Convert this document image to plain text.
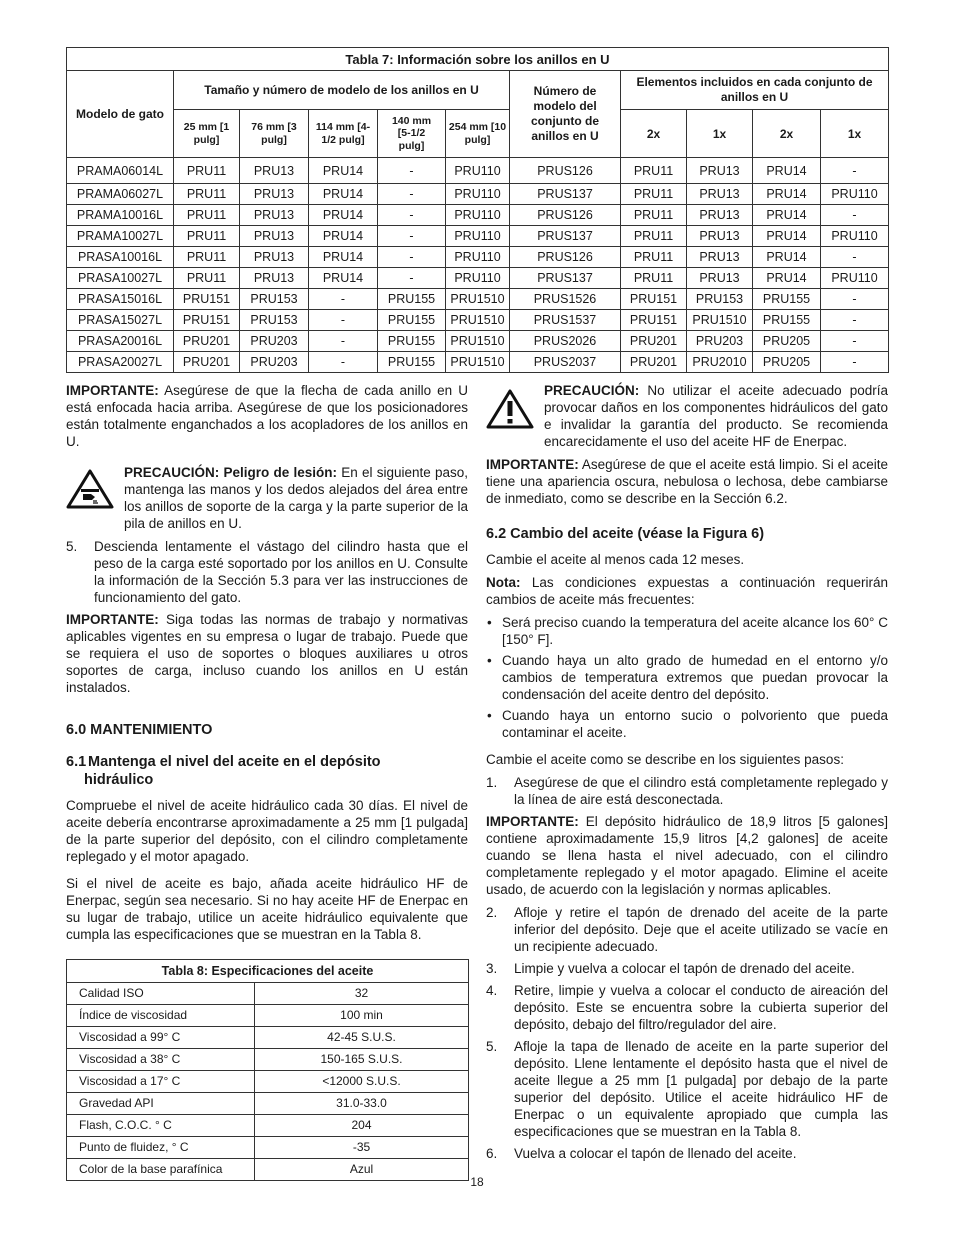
Tabla 7: Información sobre los anillos en U										
Modelo de gato	Tamaño y número de modelo de los anillos en U					Número de modelo del conjunto de anillos en U	Elementos incluidos en cada conjunto de anillos en U			
	25 mm [1 pulg]	76 mm [3 pulg]	114 mm [4-1/2 pulg]	140 mm [5-1/2 pulg]	254 mm [10 pulg]		2x	1x	2x	1x
PRAMA06014L	PRU11	PRU13	PRU14	-	PRU110	PRUS126	PRU11	PRU13	PRU14	-
PRAMA06027L	PRU11	PRU13	PRU14	-	PRU110	PRUS137	PRU11	PRU13	PRU14	PRU110
PRAMA10016L	PRU11	PRU13	PRU14	-	PRU110	PRUS126	PRU11	PRU13	PRU14	-
PRAMA10027L	PRU11	PRU13	PRU14	-	PRU110	PRUS137	PRU11	PRU13	PRU14	PRU110
PRASA10016L	PRU11	PRU13	PRU14	-	PRU110	PRUS126	PRU11	PRU13	PRU14	-
PRASA10027L	PRU11	PRU13	PRU14	-	PRU110	PRUS137	PRU11	PRU13	PRU14	PRU110
PRASA15016L	PRU151	PRU153	-	PRU155	PRU1510	PRUS1526	PRU151	PRU153	PRU155	-
PRASA15027L	PRU151	PRU153	-	PRU155	PRU1510	PRUS1537	PRU151	PRU1510	PRU155	-
PRASA20016L	PRU201	PRU203	-	PRU155	PRU1510	PRUS2026	PRU201	PRU203	PRU205	-
PRASA20027L	PRU201	PRU203	-	PRU155	PRU1510	PRUS2037	PRU201	PRU2010	PRU205	-

IMPORTANTE: Asegúrese de que la flecha de cada anillo en U está enfocada hacia arriba. Asegúrese de que los posicionadores están totalmente enganchados a los acopladores de los anillos en U.

PRECAUCIÓN: Peligro de lesión: En el siguiente paso, mantenga las manos y los dedos alejados del área entre los anillos de soporte de la carga y la parte superior de la pila de anillos en U.
5. Descienda lentamente el vástago del cilindro hasta que el peso de la carga esté soportado por los anillos en U. Consulte la información de la Sección 5.3 para ver las instrucciones de funcionamiento del gato.

IMPORTANTE: Siga todas las normas de trabajo y normativas aplicables vigentes en su empresa o lugar de trabajo. Puede que se requiera el uso de soportes o bloques auxiliares u otros soportes de carga, incluso cuando los anillos en U están instalados.

6.0 MANTENIMIENTO
6.1 Mantenga el nivel del aceite en el depósito
hidráulico

Compruebe el nivel de aceite hidráulico cada 30 días. El nivel de aceite debería encontrarse aproximadamente a 25 mm [1 pulgada] de la parte superior del depósito, con el cilindro completamente replegado y el motor apagado.

Si el nivel de aceite es bajo, añada aceite hidráulico HF de Enerpac, según sea necesario. Si no hay aceite HF de Enerpac en su lugar de trabajo, utilice un aceite hidráulico equivalente que cumpla las especificaciones que se muestran en la Tabla 8.

Tabla 8: Especificaciones del aceite	
Calidad ISO	32
Índice de viscosidad	100 min
Viscosidad a 99° C	42-45 S.U.S.
Viscosidad a 38° C	150-165 S.U.S.
Viscosidad a 17° C	<12000 S.U.S.
Gravedad API	31.0-33.0
Flash, C.O.C. ° C	204
Punto de fluidez, ° C	-35
Color de la base parafínica	Azul
PRECAUCIÓN: No utilizar el aceite adecuado podría provocar daños en los componentes hidráulicos del gato e invalidar la garantía del producto. Se recomienda encarecidamente el uso del aceite HF de Enerpac.

IMPORTANTE: Asegúrese de que el aceite está limpio. Si el aceite tiene una apariencia oscura, nebulosa o lechosa, debe cambiarse de inmediato, como se describe en la Sección 6.2.

6.2 Cambio del aceite (véase la Figura 6)

Cambie el aceite al menos cada 12 meses.

Nota: Las condiciones expuestas a continuación requerirán cambios de aceite más frecuentes:

• Será preciso cuando la temperatura del aceite alcance los 60° C [150° F].
• Cuando haya un alto grado de humedad en el entorno y/o cambios de temperatura extremos que puedan provocar la condensación del aceite dentro del depósito.
• Cuando haya un entorno sucio o polvoriento que pueda contaminar el aceite.

Cambie el aceite como se describe en los siguientes pasos:

1. Asegúrese de que el cilindro está completamente replegado y la línea de aire está desconectada.

IMPORTANTE: El depósito hidráulico de 18,9 litros [5 galones] contiene aproximadamente 15,9 litros [4,2 galones] de aceite cuando se llena hasta el nivel adecuado, con el cilindro completamente replegado y el motor apagado. Elimine el aceite usado, de acuerdo con la legislación y normas aplicables.

2. Afloje y retire el tapón de drenado del aceite de la parte inferior del depósito. Deje que el aceite utilizado se vacíe en un recipiente adecuado.
3. Limpie y vuelva a colocar el tapón de drenado del aceite.
4. Retire, limpie y vuelva a colocar el conducto de aireación del depósito. Este se encuentra sobre la cubierta superior del depósito, debajo del filtro/regulador del aire.
5. Afloje la tapa de llenado de aceite en la parte superior del depósito. Llene lentamente el depósito hasta que el nivel de aceite llegue a 25 mm [1 pulgada] por debajo de la parte superior del depósito. Utilice el aceite hidráulico HF de Enerpac o un equivalente apropiado que cumpla las especificaciones que se muestran en la Tabla 8.
6. Vuelva a colocar el tapón de llenado del aceite.
18
